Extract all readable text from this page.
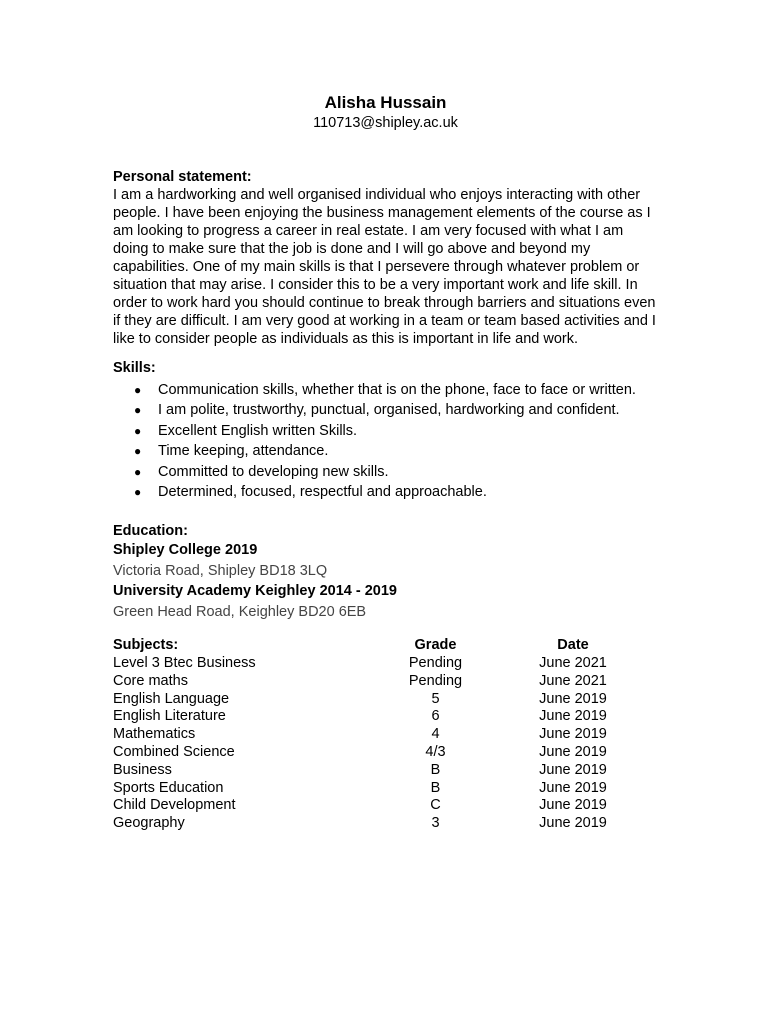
Alisha Hussain
110713@shipley.ac.uk
Personal statement:

I am a hardworking and well organised individual who enjoys interacting with other people. I have been enjoying the business management elements of the course as I am looking to progress a career in real estate. I am very focused with what I am doing to make sure that the job is done and I will go above and beyond my capabilities. One of my main skills is that I persevere through whatever problem or situation that may arise. I consider this to be a very important work and life skill. In order to work hard you should continue to break through barriers and situations even if they are difficult. I am very good at working in a team or team based activities and I like to consider people as individuals as this is important in life and work.

Skills:
● Communication skills, whether that is on the phone, face to face or written.
● I am polite, trustworthy, punctual, organised, hardworking and confident.
● Excellent English written Skills.
● Time keeping, attendance.
● Committed to developing new skills.
● Determined, focused, respectful and approachable.
Education:
Shipley College 2019
Victoria Road, Shipley BD18 3LQ
University Academy Keighley 2014 - 2019
Green Head Road, Keighley BD20 6EB
Subjects:	Grade	Date
Level 3 Btec Business	Pending	June 2021
Core maths	Pending	June 2021
English Language	5	June 2019
English Literature	6	June 2019
Mathematics	4	June 2019
Combined Science	4/3	June 2019
Business	B	June 2019
Sports Education	B	June 2019
Child Development	C	June 2019
Geography	3	June 2019
